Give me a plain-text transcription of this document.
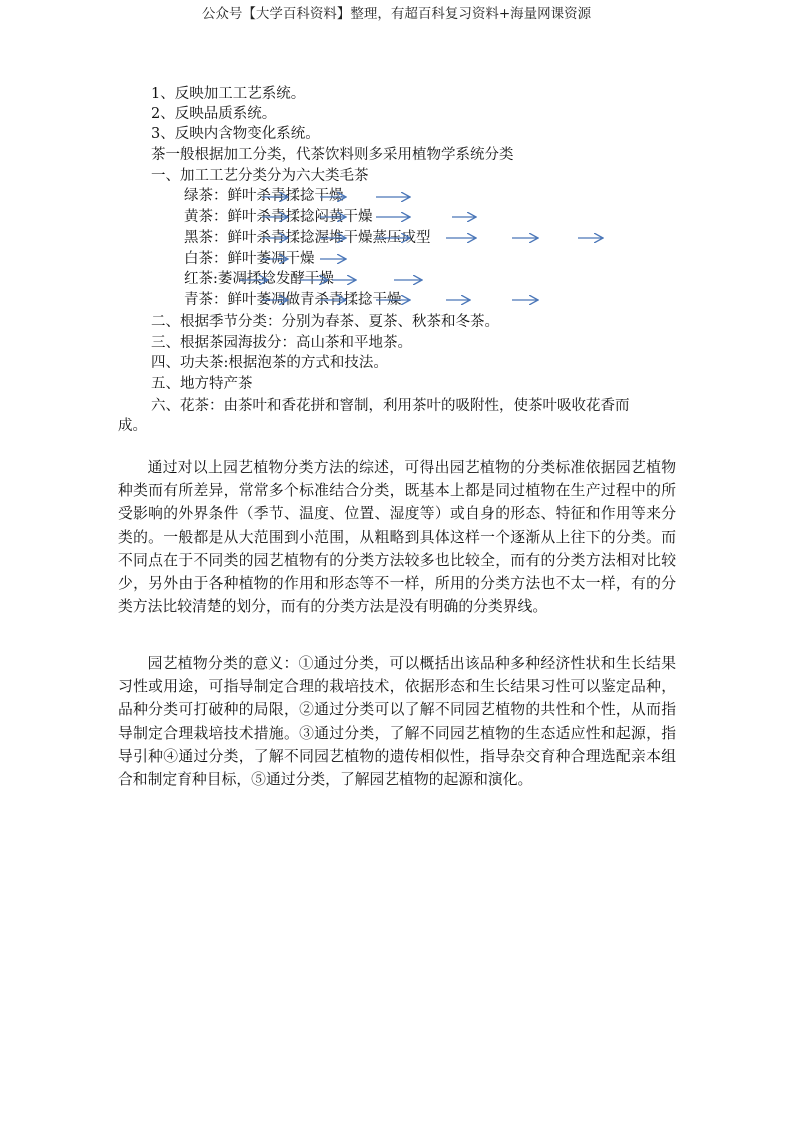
公众号【大学百科资料】整理，有超百科复习资料+海量网课资源
1、反映加工工艺系统。
2、反映品质系统。
3、反映内含物变化系统。
茶一般根据加工分类，代茶饮料则多采用植物学系统分类
一、加工工艺分类分为六大类毛茶
绿茶：鲜叶杀青揉捻干燥
黄茶：鲜叶杀青揉捻闷黄干燥
黑茶：鲜叶杀青揉捻渥堆干燥蒸压成型
白茶：鲜叶萎凋干燥
红茶:萎凋揉捻发酵干燥
青茶：鲜叶萎凋做青杀青揉捻干燥
二、根据季节分类：分别为春茶、夏茶、秋茶和冬茶。
三、根据茶园海拔分：高山茶和平地茶。
四、功夫茶:根据泡茶的方式和技法。
五、地方特产茶
六、花茶：由茶叶和香花拼和窨制，利用茶叶的吸附性，使茶叶吸收花香而
成。
通过对以上园艺植物分类方法的综述，可得出园艺植物的分类标准依据园艺植物种类而有所差异，常常多个标准结合分类，既基本上都是同过植物在生产过程中的所受影响的外界条件（季节、温度、位置、湿度等）或自身的形态、特征和作用等来分类的。一般都是从大范围到小范围，从粗略到具体这样一个逐渐从上往下的分类。而不同点在于不同类的园艺植物有的分类方法较多也比较全，而有的分类方法相对比较少，另外由于各种植物的作用和形态等不一样，所用的分类方法也不太一样，有的分类方法比较清楚的划分，而有的分类方法是没有明确的分类界线。
园艺植物分类的意义：①通过分类，可以概括出该品种多种经济性状和生长结果习性或用途，可指导制定合理的栽培技术，依据形态和生长结果习性可以鉴定品种，品种分类可打破种的局限，②通过分类可以了解不同园艺植物的共性和个性，从而指导制定合理栽培技术措施。③通过分类，了解不同园艺植物的生态适应性和起源，指导引种④通过分类，了解不同园艺植物的遗传相似性，指导杂交育种合理选配亲本组合和制定育种目标，⑤通过分类，了解园艺植物的起源和演化。
